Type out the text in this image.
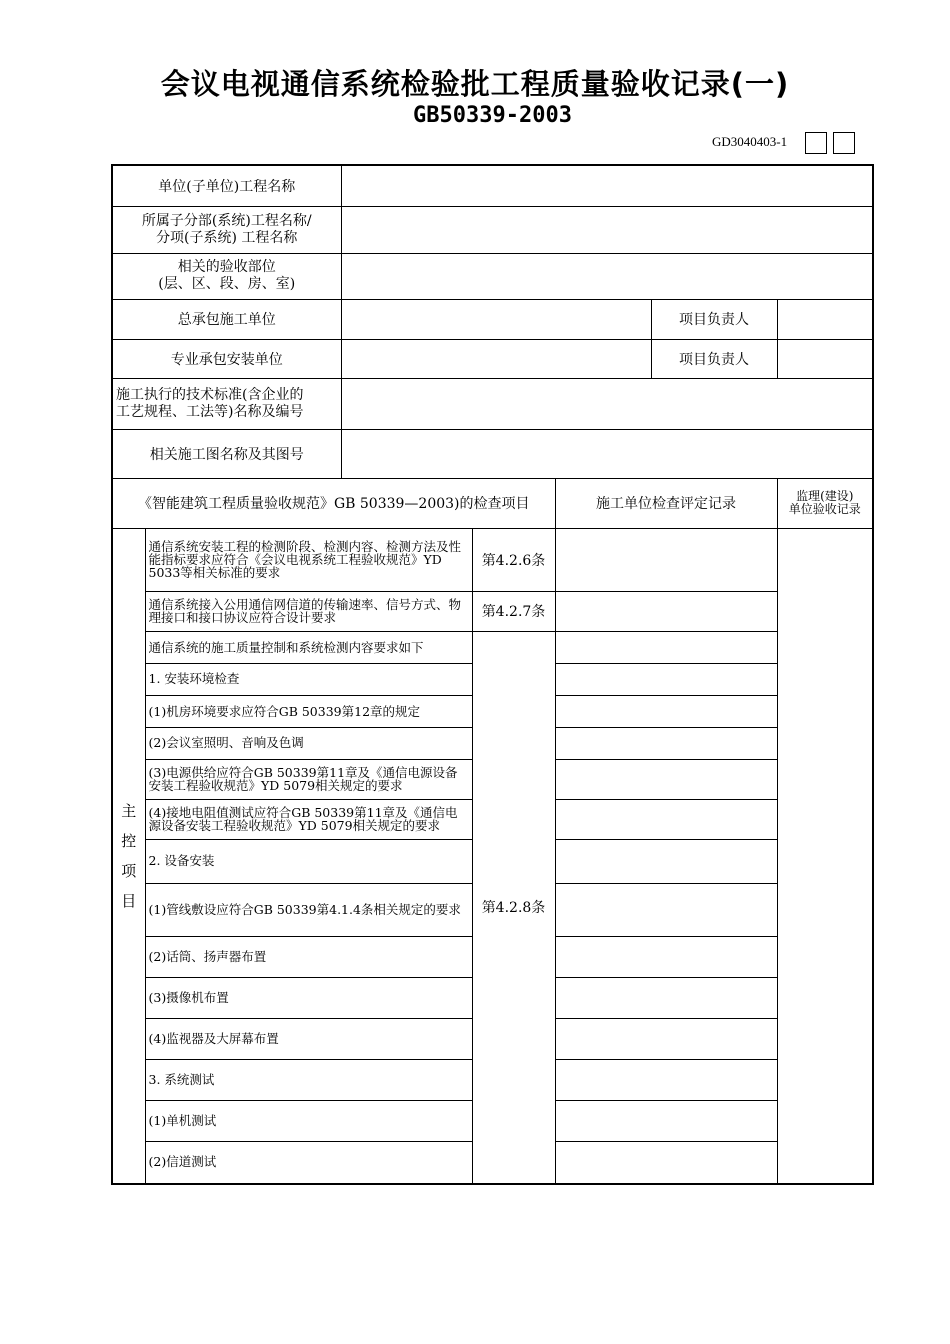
会议电视通信系统检验批工程质量验收记录(一)
GB50339-2003
GD3040403-1
单位(子单位)工程名称						

所属子分部(系统)工程名称/
分项(子系统) 工程名称						

相关的验收部位
(层、区、段、房、室)						

总承包施工单位					项目负责人	
专业承包安装单位					项目负责人	

施工执行的技术标准(含企业的
工艺规程、工法等)名称及编号						

相关施工图名称及其图号						
《智能建筑工程质量验收规范》GB 50339—2003)的检查项目				施工单位检查评定记录		监理(建设)
单位验收记录

主控项目	通信系统安装工程的检测阶段、检测内容、检测方法及性能指标要求应符合《会议电视系统工程验收规范》YD 5033等相关标准的要求		第4.2.6条			

	通信系统接入公用通信网信道的传输速率、信号方式、物理接口和接口协议应符合设计要求		第4.2.7条			

	通信系统的施工质量控制和系统检测内容要求如下		第4.2.8条			
	1. 安装环境检查					

	(1)机房环境要求应符合GB 50339第12章的规定					

	(2)会议室照明、音响及色调					

	(3)电源供给应符合GB 50339第11章及《通信电源设备安装工程验收规范》YD 5079相关规定的要求					

	(4)接地电阻值测试应符合GB 50339第11章及《通信电源设备安装工程验收规范》YD 5079相关规定的要求					

	2. 设备安装					

	(1)管线敷设应符合GB 50339第4.1.4条相关规定的要求					

	(2)话筒、扬声器布置					
	(3)摄像机布置					
	(4)监视器及大屏幕布置					
	3. 系统测试					
	(1)单机测试					
	(2)信道测试					
